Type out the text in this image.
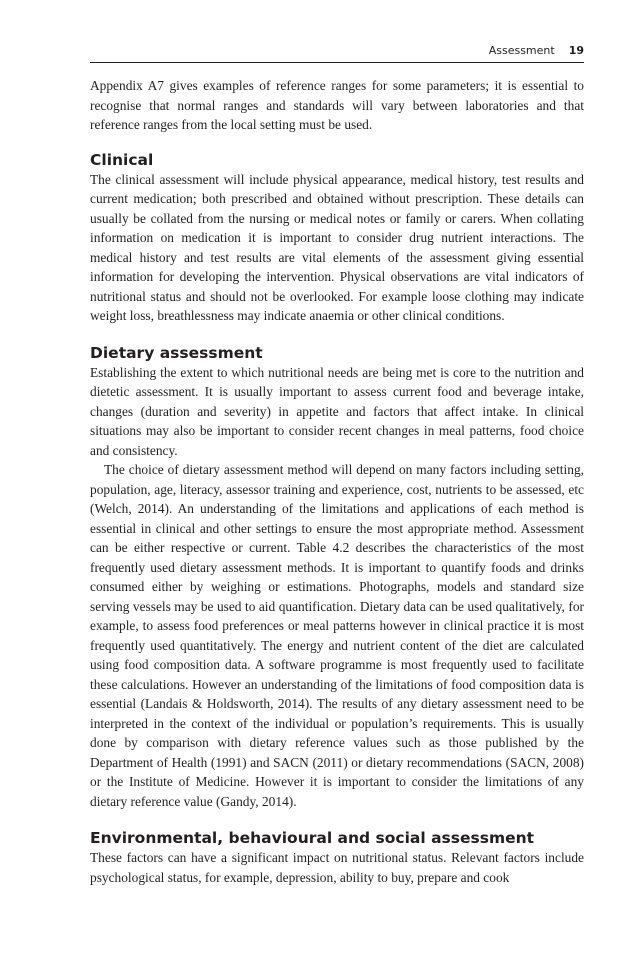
Assessment 19

Appendix A7 gives examples of reference ranges for some parameters; it is essential to recognise that normal ranges and standards will vary between laboratories and that reference ranges from the local setting must be used.

Clinical

The clinical assessment will include physical appearance, medical history, test results and current medication; both prescribed and obtained without prescription. These details can usually be collated from the nursing or medical notes or family or carers. When collating information on medication it is important to consider drug nutrient interactions. The medical history and test results are vital elements of the assessment giving essential information for developing the intervention. Physical observations are vital indicators of nutritional status and should not be overlooked. For example loose clothing may indicate weight loss, breathlessness may indicate anaemia or other clinical conditions.

Dietary assessment

Establishing the extent to which nutritional needs are being met is core to the nutrition and dietetic assessment. It is usually important to assess current food and beverage intake, changes (duration and severity) in appetite and factors that affect intake. In clinical situations may also be important to consider recent changes in meal patterns, food choice and consistency.

The choice of dietary assessment method will depend on many factors including setting, population, age, literacy, assessor training and experience, cost, nutrients to be assessed, etc (Welch, 2014). An understanding of the limitations and applications of each method is essential in clinical and other settings to ensure the most appropriate method. Assessment can be either respective or current. Table 4.2 describes the characteristics of the most frequently used dietary assessment methods. It is important to quantify foods and drinks consumed either by weighing or estimations. Photographs, models and standard size serving vessels may be used to aid quantification. Dietary data can be used qualitatively, for example, to assess food preferences or meal patterns however in clinical practice it is most frequently used quantitatively. The energy and nutrient content of the diet are calculated using food composition data. A software programme is most frequently used to facilitate these calculations. However an understanding of the limitations of food composition data is essential (Landais & Holdsworth, 2014). The results of any dietary assessment need to be interpreted in the context of the individual or population’s requirements. This is usually done by comparison with dietary reference values such as those published by the Department of Health (1991) and SACN (2011) or dietary recommendations (SACN, 2008) or the Institute of Medicine. However it is important to consider the limitations of any dietary reference value (Gandy, 2014).

Environmental, behavioural and social assessment

These factors can have a significant impact on nutritional status. Relevant factors include psychological status, for example, depression, ability to buy, prepare and cook
